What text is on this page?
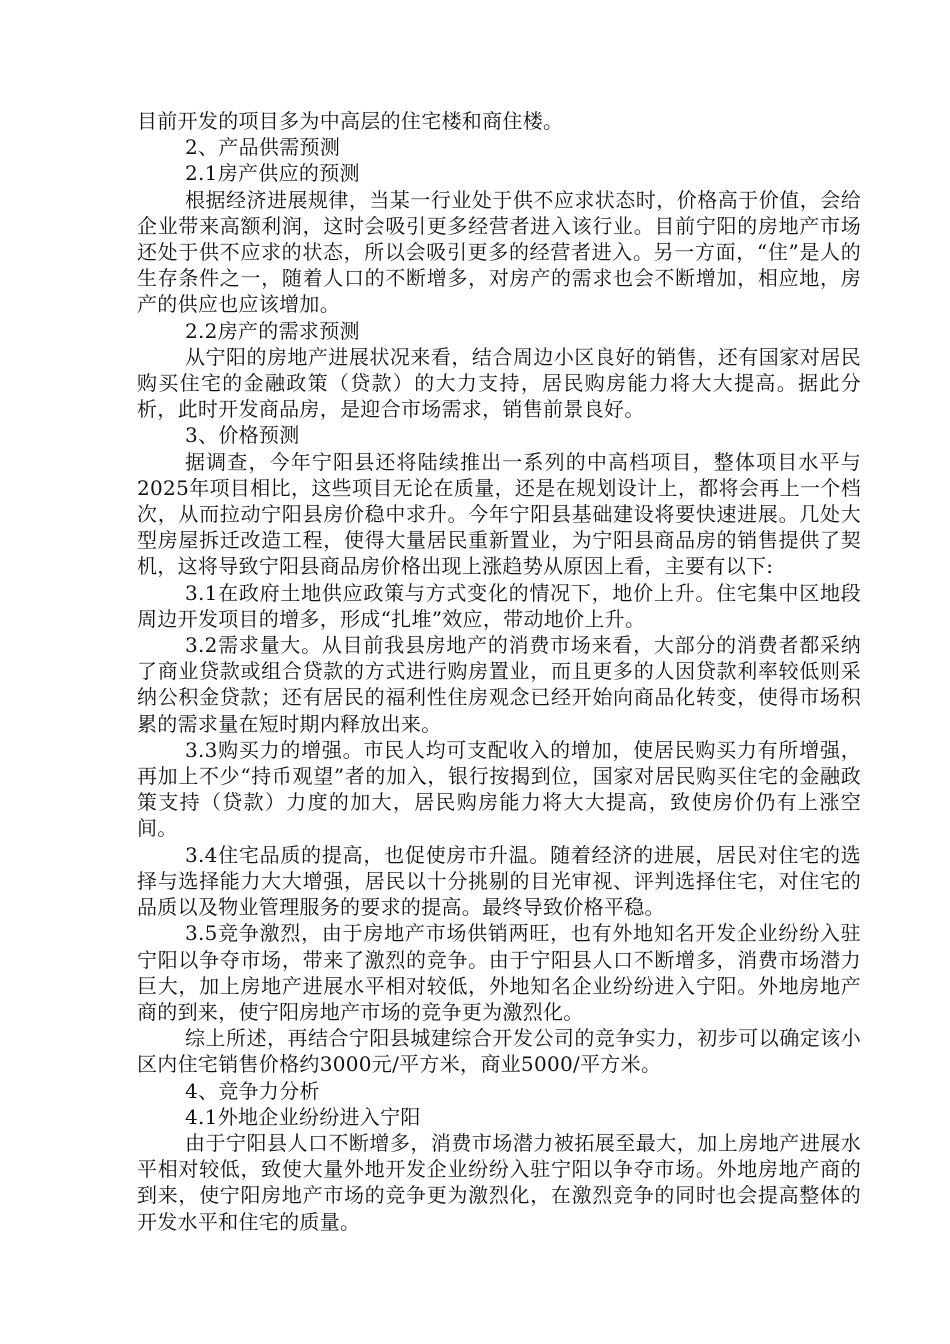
目前开发的项目多为中高层的住宅楼和商住楼。

2、产品供需预测

2.1房产供应的预测

根据经济进展规律，当某一行业处于供不应求状态时，价格高于价值，会给企业带来高额利润，这时会吸引更多经营者进入该行业。目前宁阳的房地产市场还处于供不应求的状态，所以会吸引更多的经营者进入。另一方面，“住”是人的生存条件之一，随着人口的不断增多，对房产的需求也会不断增加，相应地，房产的供应也应该增加。

2.2房产的需求预测

从宁阳的房地产进展状况来看，结合周边小区良好的销售，还有国家对居民购买住宅的金融政策（贷款）的大力支持，居民购房能力将大大提高。据此分析，此时开发商品房，是迎合市场需求，销售前景良好。

3、价格预测

据调查，今年宁阳县还将陆续推出一系列的中高档项目，整体项目水平与2025年项目相比，这些项目无论在质量，还是在规划设计上，都将会再上一个档次，从而拉动宁阳县房价稳中求升。今年宁阳县基础建设将要快速进展。几处大型房屋拆迁改造工程，使得大量居民重新置业，为宁阳县商品房的销售提供了契机，这将导致宁阳县商品房价格出现上涨趋势从原因上看，主要有以下:

3.1在政府土地供应政策与方式变化的情况下，地价上升。住宅集中区地段周边开发项目的增多，形成“扎堆”效应，带动地价上升。

3.2需求量大。从目前我县房地产的消费市场来看，大部分的消费者都采纳了商业贷款或组合贷款的方式进行购房置业，而且更多的人因贷款利率较低则采纳公积金贷款；还有居民的福利性住房观念已经开始向商品化转变，使得市场积累的需求量在短时期内释放出来。

3.3购买力的增强。市民人均可支配收入的增加，使居民购买力有所增强，再加上不少“持币观望”者的加入，银行按揭到位，国家对居民购买住宅的金融政策支持（贷款）力度的加大，居民购房能力将大大提高，致使房价仍有上涨空间。

3.4住宅品质的提高，也促使房市升温。随着经济的进展，居民对住宅的选择与选择能力大大增强，居民以十分挑剔的目光审视、评判选择住宅，对住宅的品质以及物业管理服务的要求的提高。最终导致价格平稳。

3.5竞争激烈，由于房地产市场供销两旺，也有外地知名开发企业纷纷入驻宁阳以争夺市场，带来了激烈的竞争。由于宁阳县人口不断增多，消费市场潜力巨大，加上房地产进展水平相对较低，外地知名企业纷纷进入宁阳。外地房地产商的到来，使宁阳房地产市场的竞争更为激烈化。

综上所述，再结合宁阳县城建综合开发公司的竞争实力，初步可以确定该小区内住宅销售价格约3000元/平方米，商业5000/平方米。

4、竞争力分析

4.1外地企业纷纷进入宁阳

由于宁阳县人口不断增多，消费市场潜力被拓展至最大，加上房地产进展水平相对较低，致使大量外地开发企业纷纷入驻宁阳以争夺市场。外地房地产商的到来，使宁阳房地产市场的竞争更为激烈化，在激烈竞争的同时也会提高整体的开发水平和住宅的质量。
